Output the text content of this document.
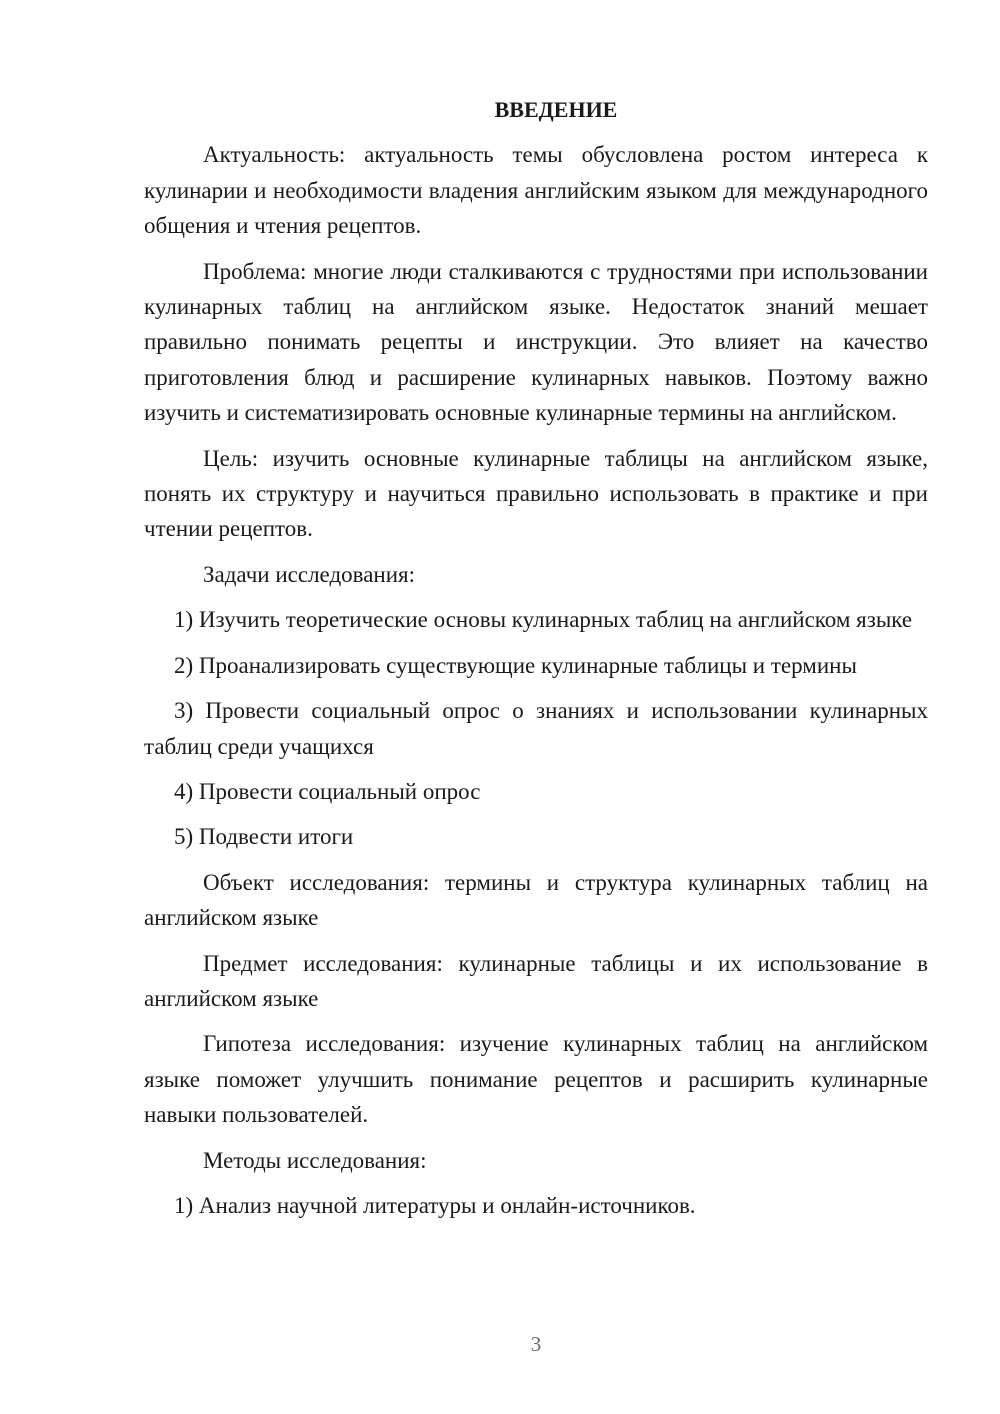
ВВЕДЕНИЕ

Актуальность: актуальность темы обусловлена ростом интереса к кулинарии и необходимости владения английским языком для международного общения и чтения рецептов.

Проблема: многие люди сталкиваются с трудностями при использовании кулинарных таблиц на английском языке. Недостаток знаний мешает правильно понимать рецепты и инструкции. Это влияет на качество приготовления блюд и расширение кулинарных навыков. Поэтому важно изучить и систематизировать основные кулинарные термины на английском.

Цель: изучить основные кулинарные таблицы на английском языке, понять их структуру и научиться правильно использовать в практике и при чтении рецептов.

Задачи исследования:

1) Изучить теоретические основы кулинарных таблиц на английском языке

2) Проанализировать существующие кулинарные таблицы и термины

3) Провести социальный опрос о знаниях и использовании кулинарных таблиц среди учащихся

4) Провести социальный опрос

5) Подвести итоги

Объект исследования: термины и структура кулинарных таблиц на английском языке

Предмет исследования: кулинарные таблицы и их использование в английском языке

Гипотеза исследования: изучение кулинарных таблиц на английском языке поможет улучшить понимание рецептов и расширить кулинарные навыки пользователей.

Методы исследования:

1) Анализ научной литературы и онлайн-источников.

3
